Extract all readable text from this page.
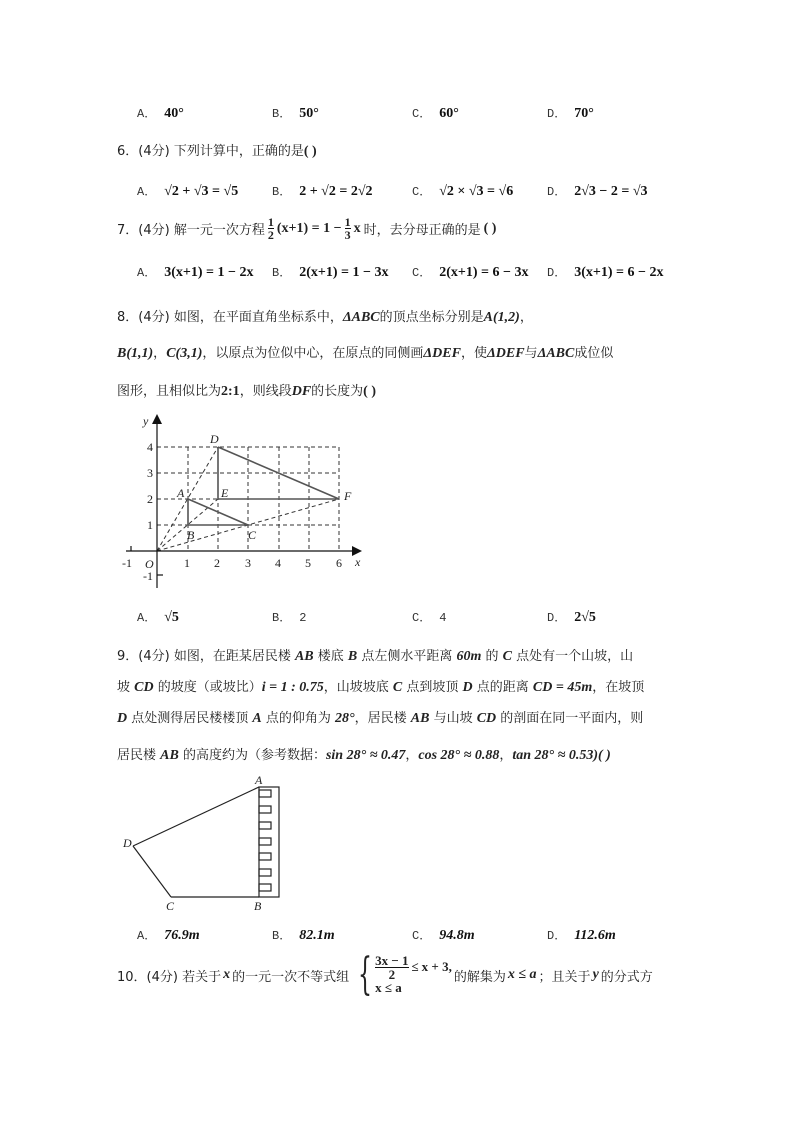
A． 40°	B． 50°	C． 60°	D． 70°
6．(4分) 下列计算中，正确的是( )
A． √2 + √3 = √5	B． 2 + √2 = 2√2	C． √2 × √3 = √6	D． 2√3 − 2 = √3
7．(4分) 解一元一次方程 $\frac{1}{2} (x+1) = 1 - \frac{1}{3}$ x 时，去分母正确的是 ( )
A． 3(x+1) = 1 − 2x B． 2(x+1) = 1 − 3x C． 2(x+1) = 6 − 3x D． 3(x+1) = 6 − 2x
8．(4分) 如图，在平面直角坐标系中，ΔABC的顶点坐标分别是A(1,2)，
B(1,1)，C(3,1)，以原点为位似中心，在原点的同侧画ΔDEF，使ΔDEF与ΔABC成位似
图形，且相似比为2:1，则线段DF的长度为( )
y
x
O
D
A	E	F
B	C
-1	1 2 3 4 5 6
4
3
2
1
-1
A
B
C
D
A． √5	B． 2	C． 4	D． 2√5
9．(4分) 如图，在距某居民楼 AB 楼底 B 点左侧水平距离 60m 的 C 点处有一个山坡，山
坡 CD 的坡度（或坡比）i = 1 : 0.75，山坡坡底 C 点到坡顶 D 点的距离 CD = 45m，在坡顶
D 点处测得居民楼楼顶 A 点的仰角为 28°，居民楼 AB 与山坡 CD 的剖面在同一平面内，则
居民楼 AB 的高度约为（参考数据：sin 28° ≈ 0.47，cos 28° ≈ 0.88，tan 28° ≈ 0.53)( )
A． 76.9m	B． 82.1m	C． 94.8m	D． 112.6m
10．(4分) 若关于 x 的一元一次不等式组 { $\frac{3x - 1}{2} \le x + 3$,
x ≤ a
的解集为 x ≤ a ；且关于 y 的分式方
